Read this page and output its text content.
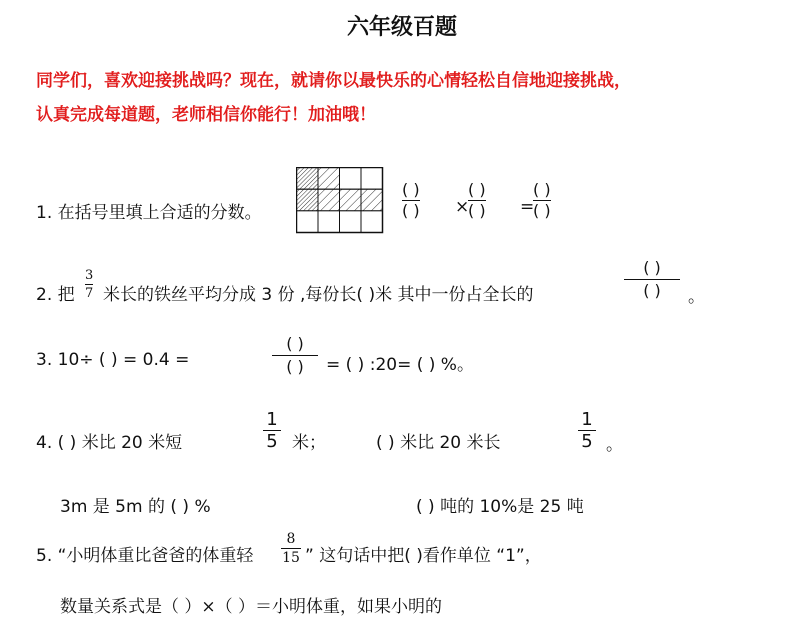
六年级百题
同学们，喜欢迎接挑战吗？现在，就请你以最快乐的心情轻松自信地迎接挑战，
认真完成每道题，老师相信你能行！加油哦！
1. 在括号里填上合适的分数。
( )
( ) ×
( )
( ) =
( )
( )
2. 把
3
7 米长的铁丝平均分成 3 份 ,每份长( )米 其中一份占全长的
( )
( ) 。
3. 10÷ ( ) = 0.4 =
( )
( ) = ( ) :20= ( ) %。
4. ( ) 米比 20 米短
1
5 米；	( ) 米比 20 米长
1
5 。
3m 是 5m 的 ( ) %	( ) 吨的 10%是 25 吨
5. “小明体重比爸爸的体重轻
8
15 ” 这句话中把( )看作单位 “1”，
数量关系式是（ ）×（ ）＝小明体重，如果小明的
